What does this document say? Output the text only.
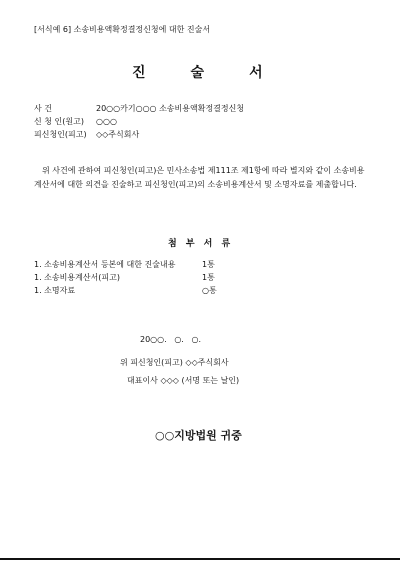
[서식예 6] 소송비용액확정결정신청에 대한 진술서
진	술	서
사 건	20○○카기○○○ 소송비용액확정결정신청
신 청 인(원고) ○○○
피신청인(피고) ◇◇주식회사
위 사건에 관하여 피신청인(피고)은 민사소송법 제111조 제1항에 따라 별지와 같이 소송비용계산서에 대한 의견을 진술하고 피신청인(피고)의 소송비용계산서 및 소명자료를 제출합니다.
첨 부 서 류
1. 소송비용계산서 등본에 대한 진술내용	1통
1. 소송비용계산서(피고)	1통
1. 소명자료	○통
20○○.   ○.   ○.
위 피신청인(피고) ◇◇주식회사
대표이사 ◇◇◇ (서명 또는 날인)
○○지방법원 귀중
